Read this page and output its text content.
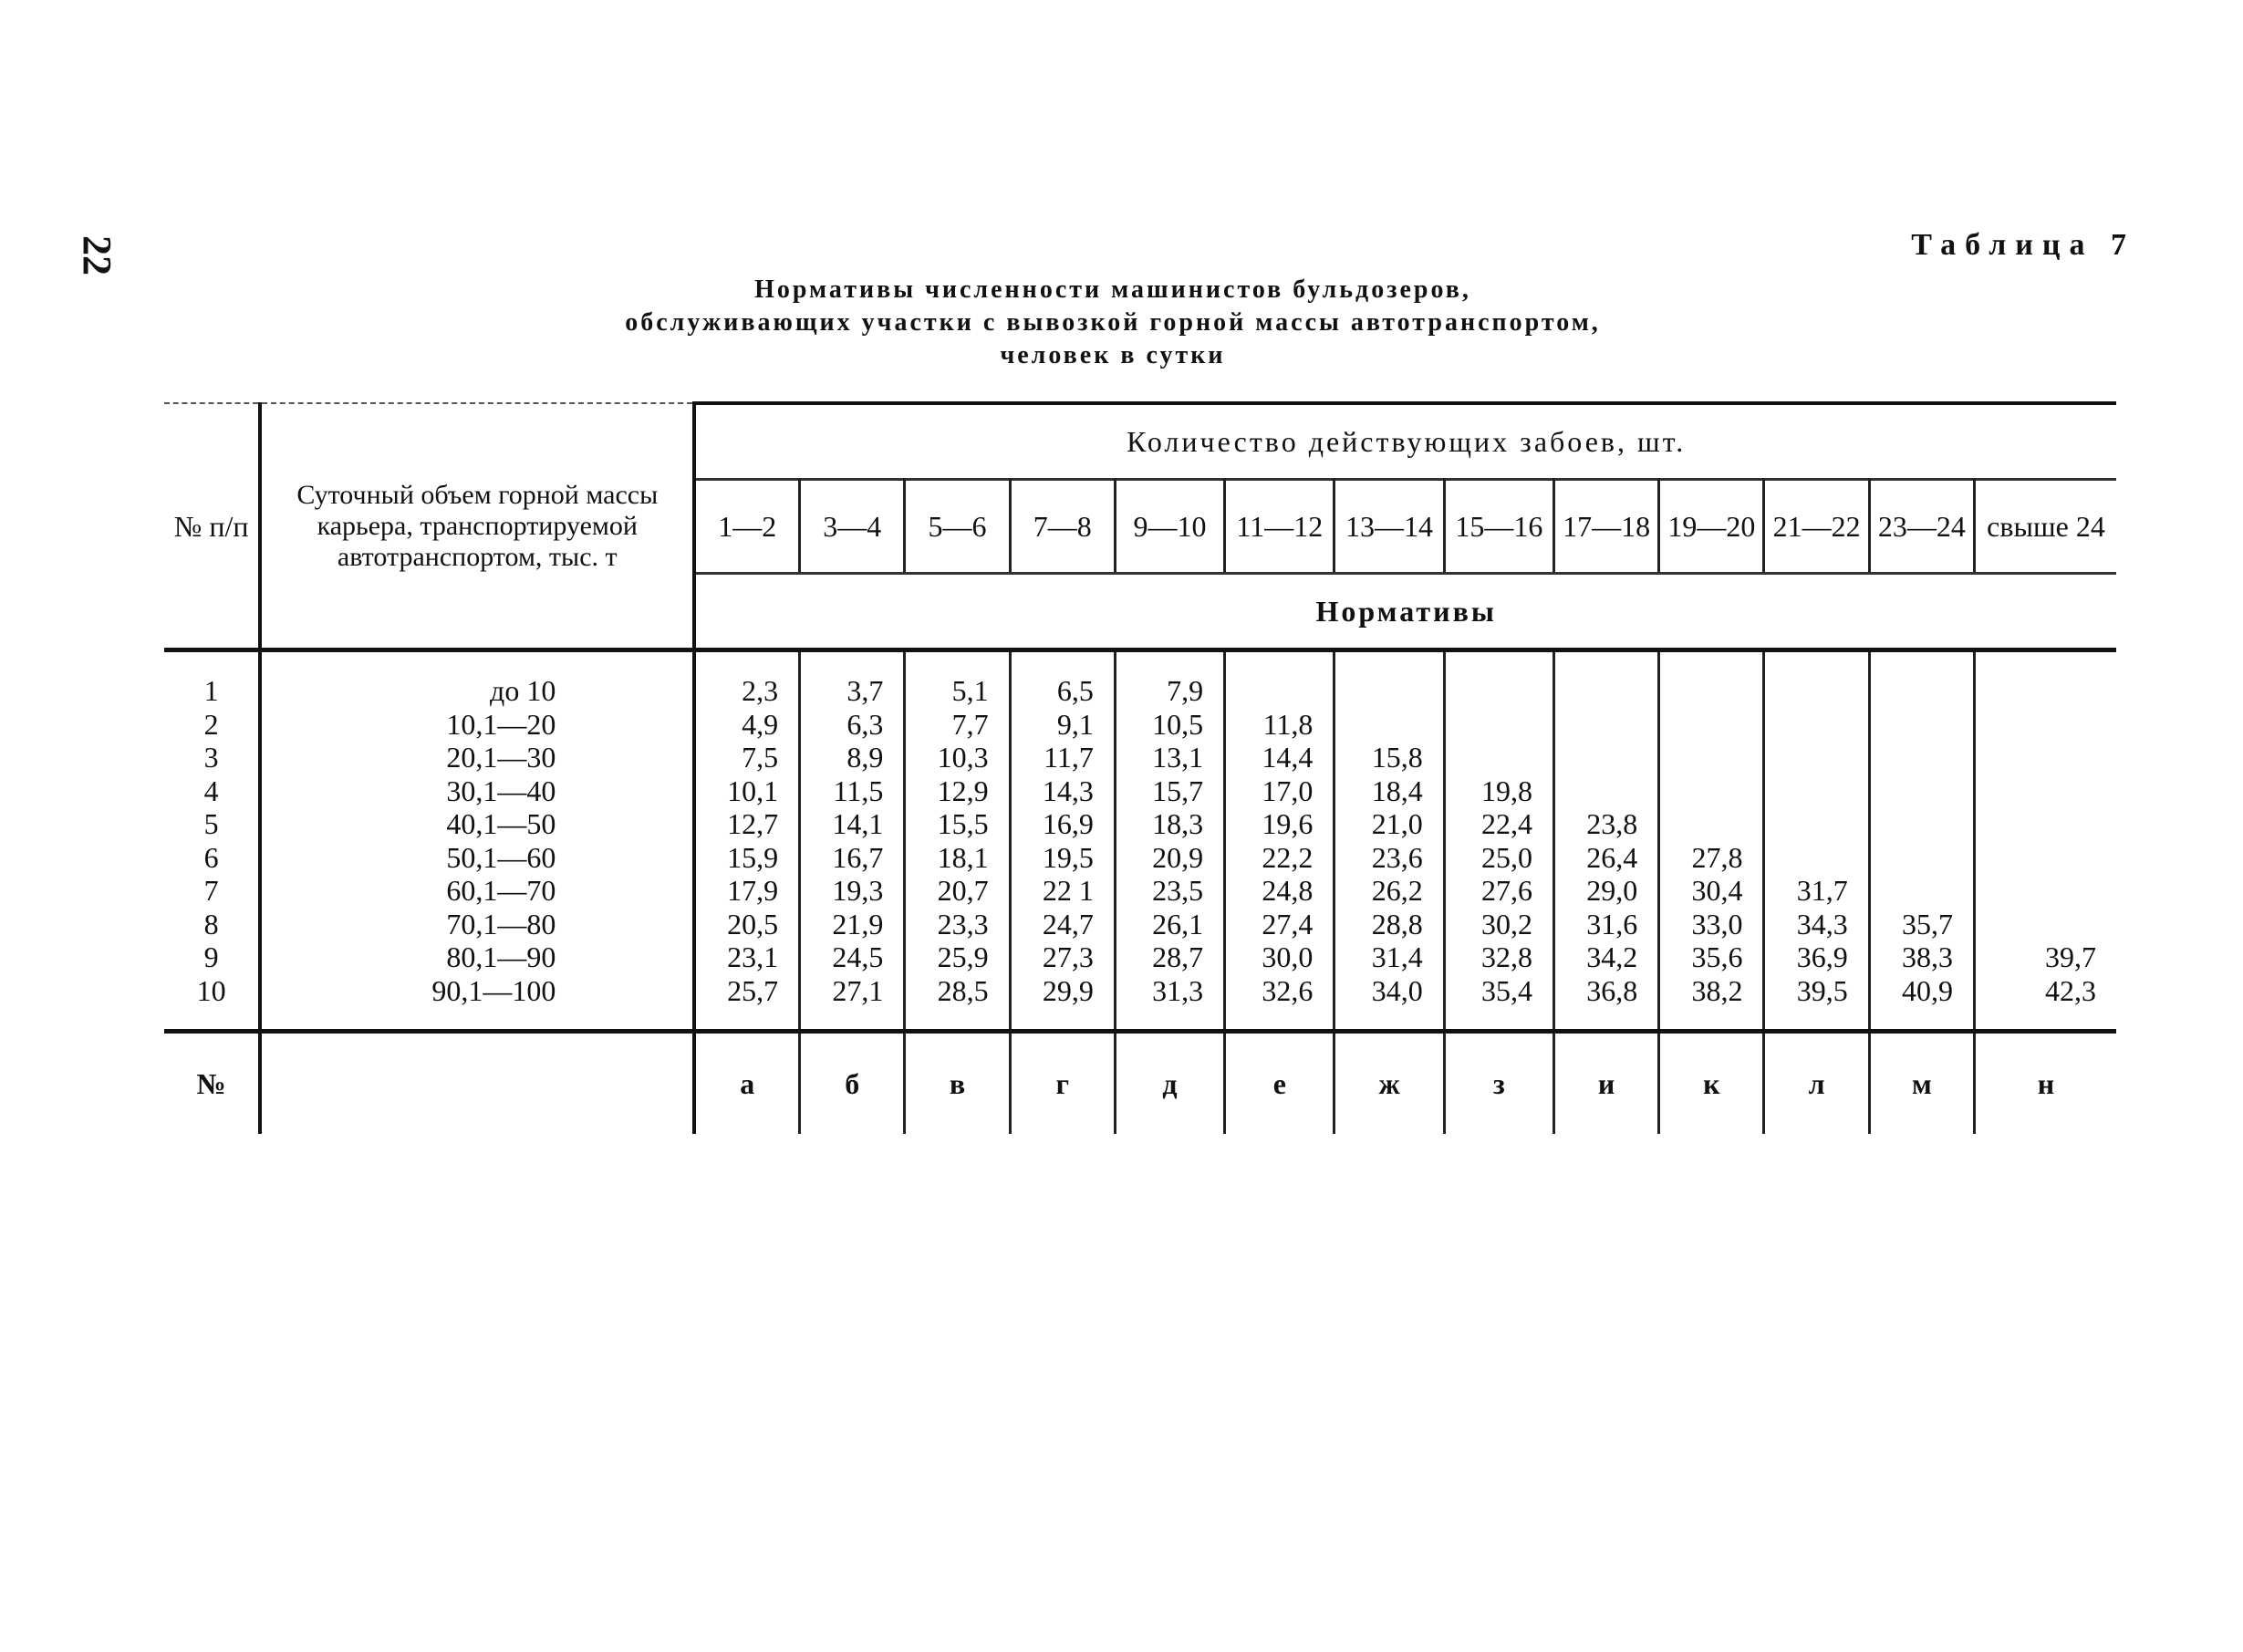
22	Таблица 7
Нормативы численности машинистов бульдозеров,
обслуживающих участки с вывозкой горной массы автотранспортом,
человек в сутки
№ п/п	Суточный объем горной массы карьера, транспортируемой автотранспортом, тыс. т	Количество действующих забоев, шт.												
		1—2	3—4	5—6	7—8	9—10	11—12	13—14	15—16	17—18	19—20	21—22	23—24	свыше 24
		Нормативы												

1	до 10	2,3	3,7	5,1	6,5	7,9								
2	10,1—20	4,9	6,3	7,7	9,1	10,5	11,8							
3	20,1—30	7,5	8,9	10,3	11,7	13,1	14,4	15,8						
4	30,1—40	10,1	11,5	12,9	14,3	15,7	17,0	18,4	19,8					
5	40,1—50	12,7	14,1	15,5	16,9	18,3	19,6	21,0	22,4	23,8				
6	50,1—60	15,9	16,7	18,1	19,5	20,9	22,2	23,6	25,0	26,4	27,8			
7	60,1—70	17,9	19,3	20,7	22 1	23,5	24,8	26,2	27,6	29,0	30,4	31,7		
8	70,1—80	20,5	21,9	23,3	24,7	26,1	27,4	28,8	30,2	31,6	33,0	34,3	35,7	
9	80,1—90	23,1	24,5	25,9	27,3	28,7	30,0	31,4	32,8	34,2	35,6	36,9	38,3	39,7
10	90,1—100	25,7	27,1	28,5	29,9	31,3	32,6	34,0	35,4	36,8	38,2	39,5	40,9	42,3

№		а	б	в	г	д	е	ж	з	и	к	л	м	н
